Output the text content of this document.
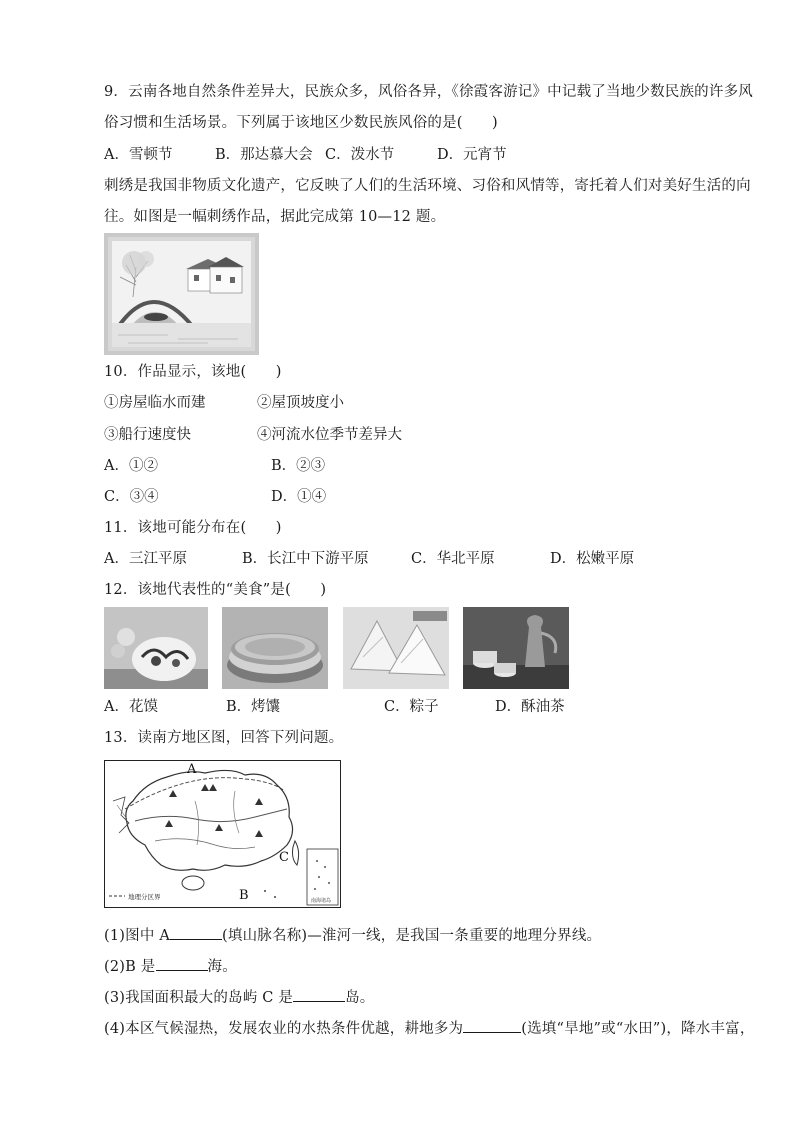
9．云南各地自然条件差异大，民族众多，风俗各异，《徐霞客游记》中记载了当地少数民族的许多风
俗习惯和生活场景。下列属于该地区少数民族风俗的是(　　)
A．雪顿节	B．那达慕大会 C．泼水节	D．元宵节
刺绣是我国非物质文化遗产，它反映了人们的生活环境、习俗和风情等，寄托着人们对美好生活的向
往。如图是一幅刺绣作品，据此完成第 10—12 题。
10．作品显示，该地(　　)
①房屋临水而建	②屋顶坡度小
③船行速度快	④河流水位季节差异大
A．①②	B．②③
C．③④	D．①④
11．该地可能分布在(　　)
A．三江平原	B．长江中下游平原	C．华北平原	D．松嫩平原
12．该地代表性的“美食”是(　　)
A．花馍	B．烤馕	C．粽子	D．酥油茶
13．读南方地区图，回答下列问题。
南海诸岛
A
B
C
地理分区界
(1)图中 A	(填山脉名称)—淮河一线，是我国一条重要的地理分界线。
(2)B 是	海。
(3)我国面积最大的岛屿 C 是	岛。
(4)本区气候湿热，发展农业的水热条件优越，耕地多为	(选填“旱地”或“水田”)，降水丰富，
